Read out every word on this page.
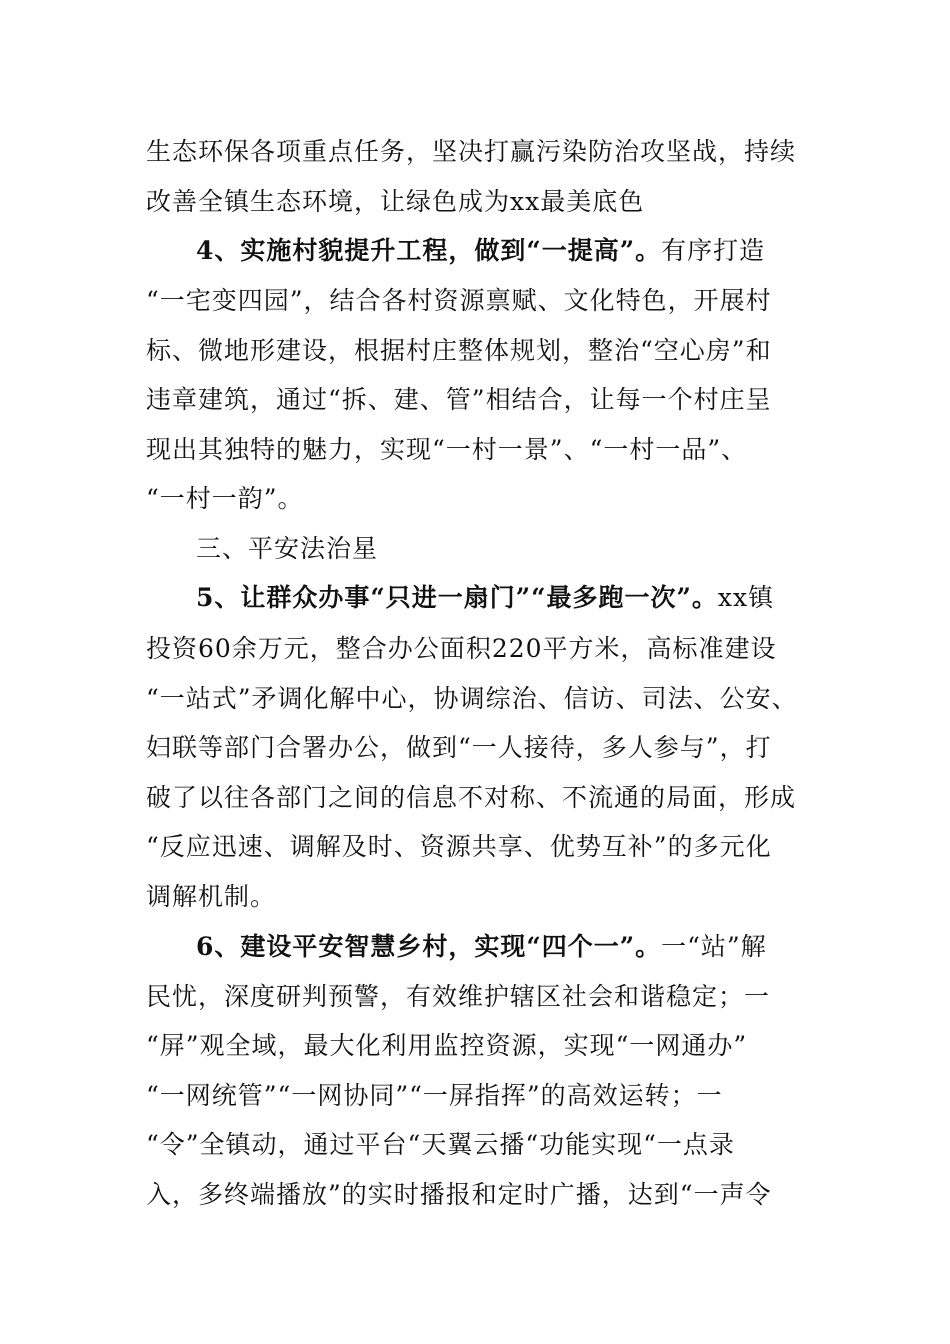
生态环保各项重点任务，坚决打赢污染防治攻坚战，持续
改善全镇生态环境，让绿色成为xx最美底色
4、实施村貌提升工程，做到“一提高”。有序打造
“一宅变四园”，结合各村资源禀赋、文化特色，开展村
标、微地形建设，根据村庄整体规划，整治“空心房”和
违章建筑，通过“拆、建、管”相结合，让每一个村庄呈
现出其独特的魅力，实现“一村一景”、“一村一品”、
“一村一韵”。
三、平安法治星
5、让群众办事“只进一扇门”“最多跑一次”。xx镇
投资60余万元，整合办公面积220平方米，高标准建设
“一站式”矛调化解中心，协调综治、信访、司法、公安、
妇联等部门合署办公，做到“一人接待，多人参与”，打
破了以往各部门之间的信息不对称、不流通的局面，形成
“反应迅速、调解及时、资源共享、优势互补”的多元化
调解机制。
6、建设平安智慧乡村，实现“四个一”。一“站”解
民忧，深度研判预警，有效维护辖区社会和谐稳定；一
“屏”观全域，最大化利用监控资源，实现“一网通办”
“一网统管”“一网协同”“一屏指挥”的高效运转；一
“令”全镇动，通过平台“天翼云播“功能实现“一点录
入，多终端播放”的实时播报和定时广播，达到“一声令
